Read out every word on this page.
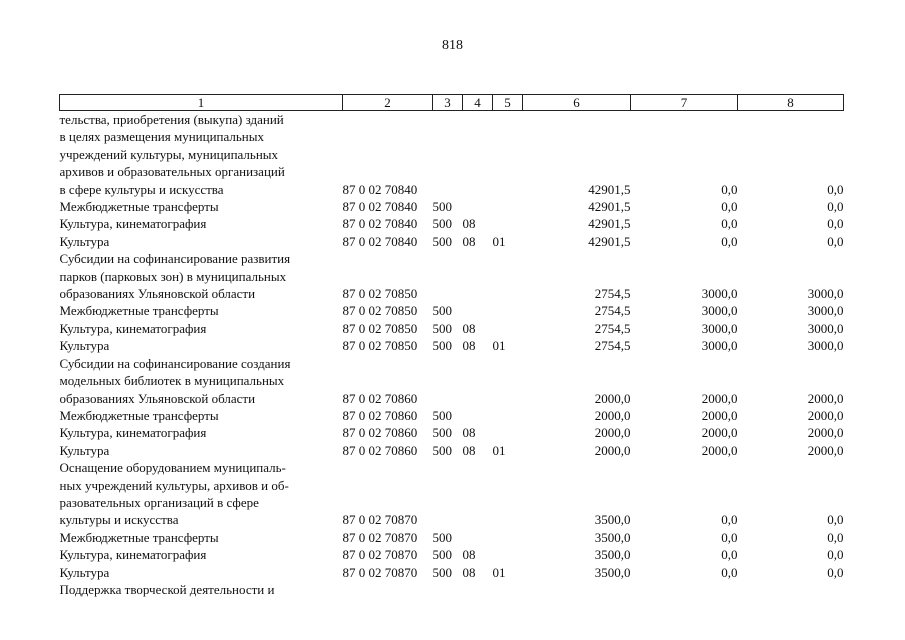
818
1	2	3	4	5	6	7	8
тельства, приобретения (выкупа) зданий							
в целях размещения муниципальных							
учреждений культуры, муниципальных							
архивов и образовательных организаций							
в сфере культуры и искусства	87 0 02 70840				42901,5	0,0	0,0
Межбюджетные трансферты	87 0 02 70840	500			42901,5	0,0	0,0
Культура, кинематография	87 0 02 70840	500	08		42901,5	0,0	0,0
Культура	87 0 02 70840	500	08	01	42901,5	0,0	0,0
Субсидии на софинансирование развития							
парков (парковых зон) в муниципальных							
образованиях Ульяновской области	87 0 02 70850				2754,5	3000,0	3000,0
Межбюджетные трансферты	87 0 02 70850	500			2754,5	3000,0	3000,0
Культура, кинематография	87 0 02 70850	500	08		2754,5	3000,0	3000,0
Культура	87 0 02 70850	500	08	01	2754,5	3000,0	3000,0
Субсидии на софинансирование создания							
модельных библиотек в муниципальных							
образованиях Ульяновской области	87 0 02 70860				2000,0	2000,0	2000,0
Межбюджетные трансферты	87 0 02 70860	500			2000,0	2000,0	2000,0
Культура, кинематография	87 0 02 70860	500	08		2000,0	2000,0	2000,0
Культура	87 0 02 70860	500	08	01	2000,0	2000,0	2000,0
Оснащение оборудованием муниципаль-							
ных учреждений культуры, архивов и об-							
разовательных организаций в сфере							
культуры и искусства	87 0 02 70870				3500,0	0,0	0,0
Межбюджетные трансферты	87 0 02 70870	500			3500,0	0,0	0,0
Культура, кинематография	87 0 02 70870	500	08		3500,0	0,0	0,0
Культура	87 0 02 70870	500	08	01	3500,0	0,0	0,0
Поддержка творческой деятельности и							
